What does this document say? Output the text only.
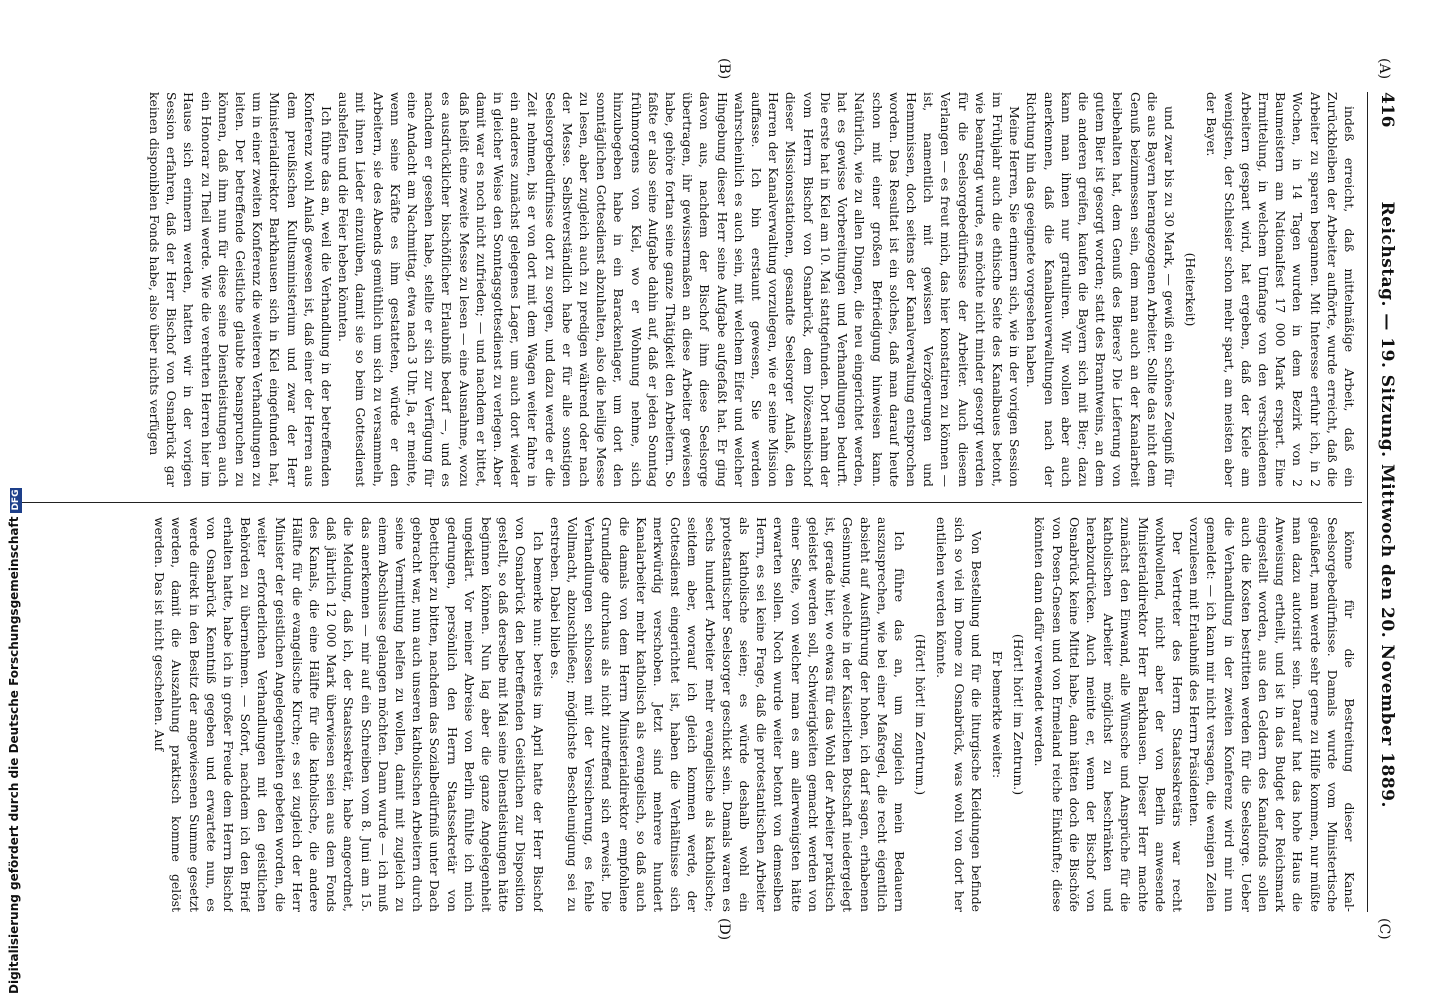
416
Reichstag. — 19. Sitzung. Mittwoch den 20. November 1889.
(A)
(B)
(C)
(D)

indeß erreicht, daß mittelmäßige Arbeit, daß ein Zurückbleiben der Arbeiter aufhörte, wurde erreicht, daß die Arbeiter zu sparen begannen. Mit Interesse erfuhr ich, in 2 Wochen, in 14 Tagen wurden in dem Bezirk von 2 Baumeistern am Nationalfest 17 000 Mark erspart. Eine Ermittelung, in welchem Umfange von den verschiedenen Arbeitern gespart wird, hat ergeben, daß der Kiele am wenigsten, der Schlesier schon mehr spart, am meisten aber der Bayer.

(Heiterkeit)

und zwar bis zu 30 Mark, — gewiß ein schönes Zeugniß für die aus Bayern herangezogenen Arbeiter. Sollte das nicht dem Genuß beizumessen sein, dem man auch an der Kanalarbeit beibehalten hat, dem Genuß des Bieres? Die Lieferung von gutem Bier ist gesorgt worden; statt des Branntweins, an dem die anderen greifen, kaufen die Bayern sich mit Bier; dazu kann man ihnen nur gratuliren. Wir wollen aber auch anerkennen, daß die Kanalbauverwaltungen nach der Richtung hin das geeignete vorgesehen haben.

Meine Herren, Sie erinnern sich, wie in der vorigen Session im Frühjahr auch die ethische Seite des Kanalbaues betont, wie beantragt wurde, es möchte nicht minder gesorgt werden für die Seelsorgebedürfnisse der Arbeiter. Auch diesem Verlangen — es freut mich, das hier konstatiren zu können — ist, namentlich mit gewissen Verzögerungen und Hemmnissen, doch seitens der Kanalverwaltung entsprochen worden. Das Resultat ist ein solches, daß man darauf heute schon mit einer großen Befriedigung hinweisen kann. Natürlich, wie zu allen Dingen, die neu eingerichtet werden, hat es gewisse Vorbereitungen und Verhandlungen bedurft. Die erste hat in Kiel am 10. Mai stattgefunden. Dort nahm der vom Herrn Bischof von Osnabrück, dem Diözesanbischof dieser Missionsstationen, gesandte Seelsorger Anlaß, den Herren der Kanalverwaltung vorzulegen, wie er seine Mission auffasse. Ich bin erstaunt gewesen, Sie werden wahrscheinlich es auch sein, mit welchem Eifer und welcher Hingebung dieser Herr seine Aufgabe aufgefaßt hat. Er ging davon aus, nachdem der Bischof ihm diese Seelsorge übertragen, ihr gewissermaßen an diese Arbeiter gewiesen habe, gehöre fortan seine ganze Thätigkeit den Arbeitern. So faßte er also seine Aufgabe dahin auf, daß er jeden Sonntag frühmorgens von Kiel, wo er Wohnung nehme, sich hinzubegeben habe in ein Barackenlager, um dort den sonntäglichen Gottesdienst abzuhalten, also die heilige Messe zu lesen, aber zugleich auch zu predigen während oder nach der Messe. Selbstverständlich habe er für alle sonstigen Seelsorgebedürfnisse dort zu sorgen, und dazu werde er die Zeit nehmen, bis er von dort mit dem Wagen weiter fahre in ein anderes zunächst gelegenes Lager, um auch dort wieder in gleicher Weise den Sonntagsgottesdienst zu verlegen. Aber damit war es noch nicht zufrieden; — und nachdem er bittet, daß heißt eine zweite Messe zu lesen — eine Ausnahme, wozu es ausdrücklicher bischöflicher Erlaubniß bedarf —, und es nachdem er gesehen habe, stellte er sich zur Verfügung für eine Andacht am Nachmittag, etwa nach 3 Uhr. Ja, er meinte, wenn seine Kräfte es ihm gestatteten, würde er den Arbeitern, sie des Abends gemüthlich um sich zu versammeln, mit ihnen Lieder einzuüben, damit sie so beim Gottesdienst aushelfen und die Feier heben könnten.

Ich führe das an, weil die Verhandlung in der betreffenden Konferenz wohl Anlaß gewesen ist, daß einer der Herren aus dem preußischen Kultusministerium und zwar der Herr Ministerialdirektor Barkhausen sich in Kiel eingefunden hat, um in einer zweiten Konferenz die weiteren Verhandlungen zu leiten. Der betreffende Geistliche glaubte beanspruchen zu können, daß ihm nun für diese seine Dienstleistungen auch ein Honorar zu Theil werde. Wie die verehrten Herren hier im Hause sich erinnern werden, hatten wir in der vorigen Session erfahren, daß der Herr Bischof von Osnabrück gar keinen disponiblen Fonds habe, also über nichts verfügen

könne für die Bestreitung dieser Kanal-Seelsorgebedürfnisse. Damals wurde vom Ministertische geäußert, man werde sehr gerne zu Hilfe kommen, nur müßte man dazu autorisirt sein. Darauf hat das hohe Haus die Anweisung ertheilt, und ist in das Budget der Reichsmark eingestellt worden, aus den Geldern des Kanalfonds sollen auch die Kosten bestritten werden für die Seelsorge. Ueber die Verhandlung in der zweiten Konferenz wird mir nun gemeldet: — ich kann mir nicht versagen, die wenigen Zeilen vorzulesen mit Erlaubniß des Herrn Präsidenten.

Der Vertreter des Herrn Staatssekretärs war recht wohlwollend, nicht aber der von Berlin anwesende Ministerialdirektor Herr Barkhausen. Dieser Herr machte zunächst den Einwand, alle Wünsche und Ansprüche für die katholischen Arbeiter möglichst zu beschränken und herabzudrücken. Auch meinte er, wenn der Bischof von Osnabrück keine Mittel habe, dann hätten doch die Bischöfe von Posen-Gnesen und von Ermeland reiche Einkünfte; diese könnten dann dafür verwendet werden.

(Hört! hört! im Zentrum.)

Er bemerkte weiter:

Von Bestellung und für die liturgische Kleidungen befinde sich so viel im Dome zu Osnabrück, was wohl von dort her entliehen werden könnte.

(Hört! hört! im Zentrum.)

Ich führe das an, um zugleich mein Bedauern auszusprechen, wie bei einer Maßregel, die recht eigentlich absieht auf Ausführung der hohen, ich darf sagen, erhabenen Gesinnung, welche in der Kaiserlichen Botschaft niedergelegt ist, gerade hier, wo etwas für das Wohl der Arbeiter praktisch geleistet werden soll, Schwierigkeiten gemacht werden von einer Seite, von welcher man es am allerwenigsten hätte erwarten sollen. Noch wurde weiter betont von demselben Herrn, es sei keine Frage, daß die protestantischen Arbeiter als katholische seien; es würde deshalb wohl ein protestantischer Seelsorger geschickt sein. Damals waren es sechs hundert Arbeiter mehr evangelische als katholische; seitdem aber, worauf ich gleich kommen werde, der Gottesdienst eingerichtet ist, haben die Verhältnisse sich merkwürdig verschoben. Jetzt sind mehrere hundert Kanalarbeiter mehr katholisch als evangelisch, so daß auch die damals von dem Herrn Ministerialdirektor empfohlene Grundlage durchaus als nicht zutreffend sich erweist. Die Verhandlungen schlossen mit der Versicherung, es fehle Vollmacht, abzuschließen; möglichste Beschleunigung sei zu erstreben. Dabei blieb es.

Ich bemerke nun: bereits im April hatte der Herr Bischof von Osnabrück den betreffenden Geistlichen zur Disposition gestellt, so daß derselbe mit Mai seine Dienstleistungen hätte beginnen können. Nun lag aber die ganze Angelegenheit ungeklärt. Vor meiner Abreise von Berlin fühlte ich mich gedrungen, persönlich den Herrn Staatssekretär von Boetticher zu bitten, nachdem das Sozialbedürfniß unter Dach gebracht war, nun auch unseren katholischen Arbeitern durch seine Vermittlung helfen zu wollen, damit mit zugleich zu einem Abschlusse gelangen möchten. Dann wurde — ich muß das anerkennen — mir auf ein Schreiben vom 8. Juni am 15. die Meldung, daß ich, der Staatssekretär, habe angeordnet, daß jährlich 12 000 Mark überwiesen seien aus dem Fonds des Kanals, die eine Hälfte für die katholische, die andere Hälfte für die evangelische Kirche; es sei zugleich der Herr Minister der geistlichen Angelegenheiten gebeten worden, die weiter erforderlichen Verhandlungen mit den geistlichen Behörden zu übernehmen. — Sofort, nachdem ich den Brief erhalten hatte, habe ich in großer Freude dem Herrn Bischof von Osnabrück Kenntniß gegeben und erwartete nun, es werde direkt in den Besitz der angewiesenen Summe gesetzt werden, damit die Auszahlung praktisch komme gelöst werden. Das ist nicht geschehen. Auf

Digitalisierung gefördert durch die Deutsche ForschungsgemeinschaftDFG
